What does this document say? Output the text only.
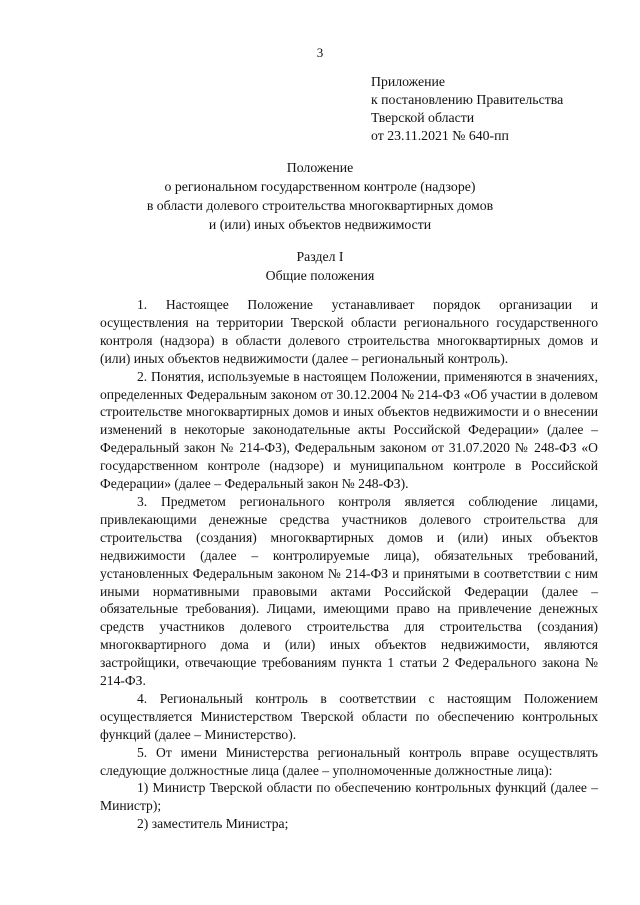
3
Приложение
к постановлению Правительства
Тверской области
от 23.11.2021 № 640-пп
Положение
о региональном государственном контроле (надзоре)
в области долевого строительства многоквартирных домов
и (или) иных объектов недвижимости
Раздел I
Общие положения

1. Настоящее Положение устанавливает порядок организации и осуществления на территории Тверской области регионального государственного контроля (надзора) в области долевого строительства многоквартирных домов и (или) иных объектов недвижимости (далее – региональный контроль).

2. Понятия, используемые в настоящем Положении, применяются в значениях, определенных Федеральным законом от 30.12.2004 № 214-ФЗ «Об участии в долевом строительстве многоквартирных домов и иных объектов недвижимости и о внесении изменений в некоторые законодательные акты Российской Федерации» (далее – Федеральный закон № 214-ФЗ), Федеральным законом от 31.07.2020 № 248-ФЗ «О государственном контроле (надзоре) и муниципальном контроле в Российской Федерации» (далее – Федеральный закон № 248-ФЗ).

3. Предметом регионального контроля является соблюдение лицами, привлекающими денежные средства участников долевого строительства для строительства (создания) многоквартирных домов и (или) иных объектов недвижимости (далее – контролируемые лица), обязательных требований, установленных Федеральным законом № 214-ФЗ и принятыми в соответствии с ним иными нормативными правовыми актами Российской Федерации (далее – обязательные требования). Лицами, имеющими право на привлечение денежных средств участников долевого строительства для строительства (создания) многоквартирного дома и (или) иных объектов недвижимости, являются застройщики, отвечающие требованиям пункта 1 статьи 2 Федерального закона № 214-ФЗ.

4. Региональный контроль в соответствии с настоящим Положением осуществляется Министерством Тверской области по обеспечению контрольных функций (далее – Министерство).

5. От имени Министерства региональный контроль вправе осуществлять следующие должностные лица (далее – уполномоченные должностные лица):

1) Министр Тверской области по обеспечению контрольных функций (далее – Министр);

2) заместитель Министра;
